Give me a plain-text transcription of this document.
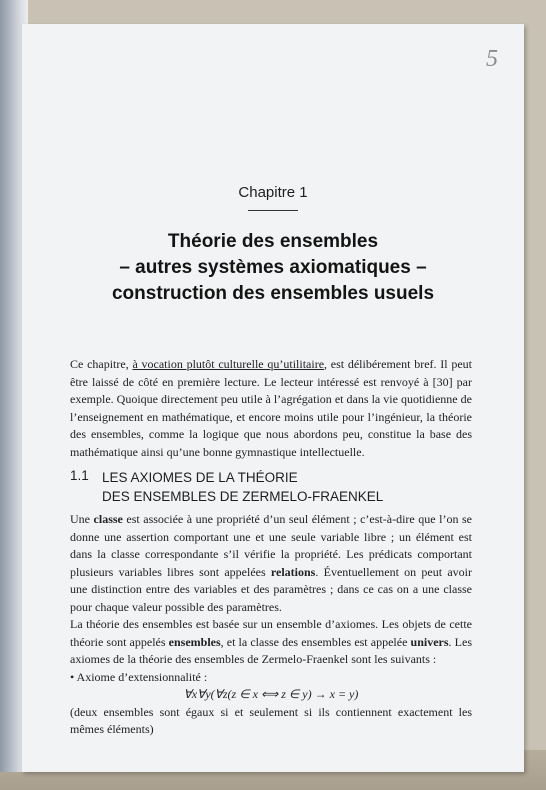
5
Chapitre 1
Théorie des ensembles
– autres systèmes axiomatiques –
construction des ensembles usuels
Ce chapitre, à vocation plutôt culturelle qu’utilitaire, est délibérement bref. Il peut être laissé de côté en première lecture. Le lecteur intéressé est renvoyé à [30] par exemple. Quoique directement peu utile à l’agrégation et dans la vie quotidienne de l’enseignement en mathématique, et encore moins utile pour l’ingénieur, la théorie des ensembles, comme la logique que nous abordons peu, constitue la base des mathématique ainsi qu’une bonne gymnastique intellectuelle.
1.1 LES AXIOMES DE LA THÉORIE
DES ENSEMBLES DE ZERMELO-FRAENKEL

Une classe est associée à une propriété d’un seul élément ; c’est-à-dire que l’on se donne une assertion comportant une et une seule variable libre ; un élément est dans la classe correspondante s’il vérifie la propriété. Les prédicats comportant plusieurs variables libres sont appelées relations. Éventuellement on peut avoir une distinction entre des variables et des paramètres ; dans ce cas on a une classe pour chaque valeur possible des paramètres.

La théorie des ensembles est basée sur un ensemble d’axiomes. Les objets de cette théorie sont appelés ensembles, et la classe des ensembles est appelée univers. Les axiomes de la théorie des ensembles de Zermelo-Fraenkel sont les suivants :

• Axiome d’extensionnalité :

∀x∀y(∀z(z ∈ x ⟺ z ∈ y) → x = y)

(deux ensembles sont égaux si et seulement si ils contiennent exactement les mêmes éléments)
